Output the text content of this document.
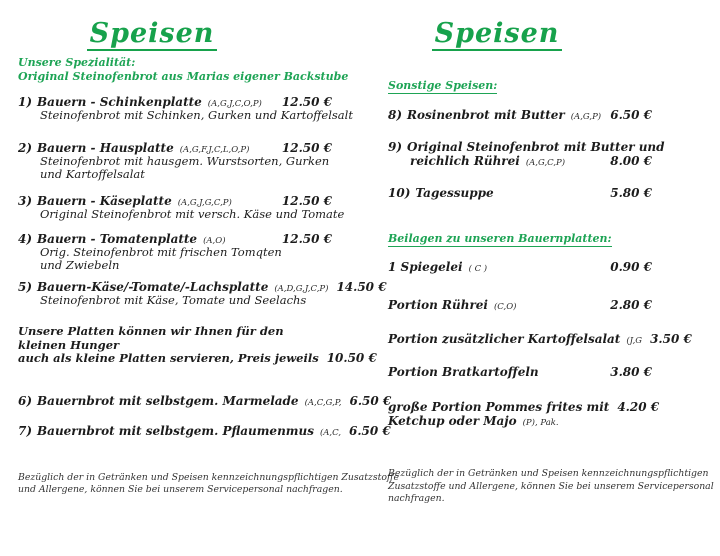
Speisen
Unsere Spezialität:
Original Steinofenbrot aus Marias eigener Backstube
1) Bauern - Schinkenplatte (A,G,J,C,O,P)	12.50 €
Steinofenbrot mit Schinken, Gurken und Kartoffelsalt
2) Bauern - Hausplatte (A,G,F,J,C,L,O,P)	12.50 €
Steinofenbrot mit hausgem. Wurstsorten, Gurken
und Kartoffelsalat
3) Bauern - Käseplatte (A,G,J,G,C,P)	12.50 €
Original Steinofenbrot mit versch. Käse und Tomate
4) Bauern - Tomatenplatte (A,O)	12.50 €
Orig. Steinofenbrot mit frischen Tomqten
und Zwiebeln
5) Bauern-Käse/-Tomate/-Lachsplatte (A,D,G,J,C,P) 14.50 €
Steinofenbrot mit Käse, Tomate und Seelachs
Unsere Platten können wir Ihnen für den kleinen Hunger
auch als kleine Platten servieren, Preis jeweils 10.50 €
6) Bauernbrot mit selbstgem. Marmelade (A,C,G,P, 6.50 €
7) Bauernbrot mit selbstgem. Pflaumenmus (A,C, 6.50 €
Bezüglich der in Getränken und Speisen kennzeichnungspflichtigen Zusatzstoffe
und Allergene, können Sie bei unserem Servicepersonal nachfragen.
Speisen
Sonstige Speisen:
8) Rosinenbrot mit Butter (A,G,P) 6.50 €
9) Original Steinofenbrot mit Butter und
reichlich Rührei (A,G,C,P)	8.00 €
10) Tagessuppe	5.80 €
Beilagen zu unseren Bauernplatten:
1 Spiegelei ( C )	0.90 €
Portion Rührei (C,O)	2.80 €
Portion zusätzlicher Kartoffelsalat (J,G 3.50 €
Portion Bratkartoffeln	3.80 €
große Portion Pommes frites mit 4.20 €
Ketchup oder Majo (P), Pak.
Bezüglich der in Getränken und Speisen kennzeichnungspflichtigen
Zusatzstoffe und Allergene, können Sie bei unserem Servicepersonal
nachfragen.
